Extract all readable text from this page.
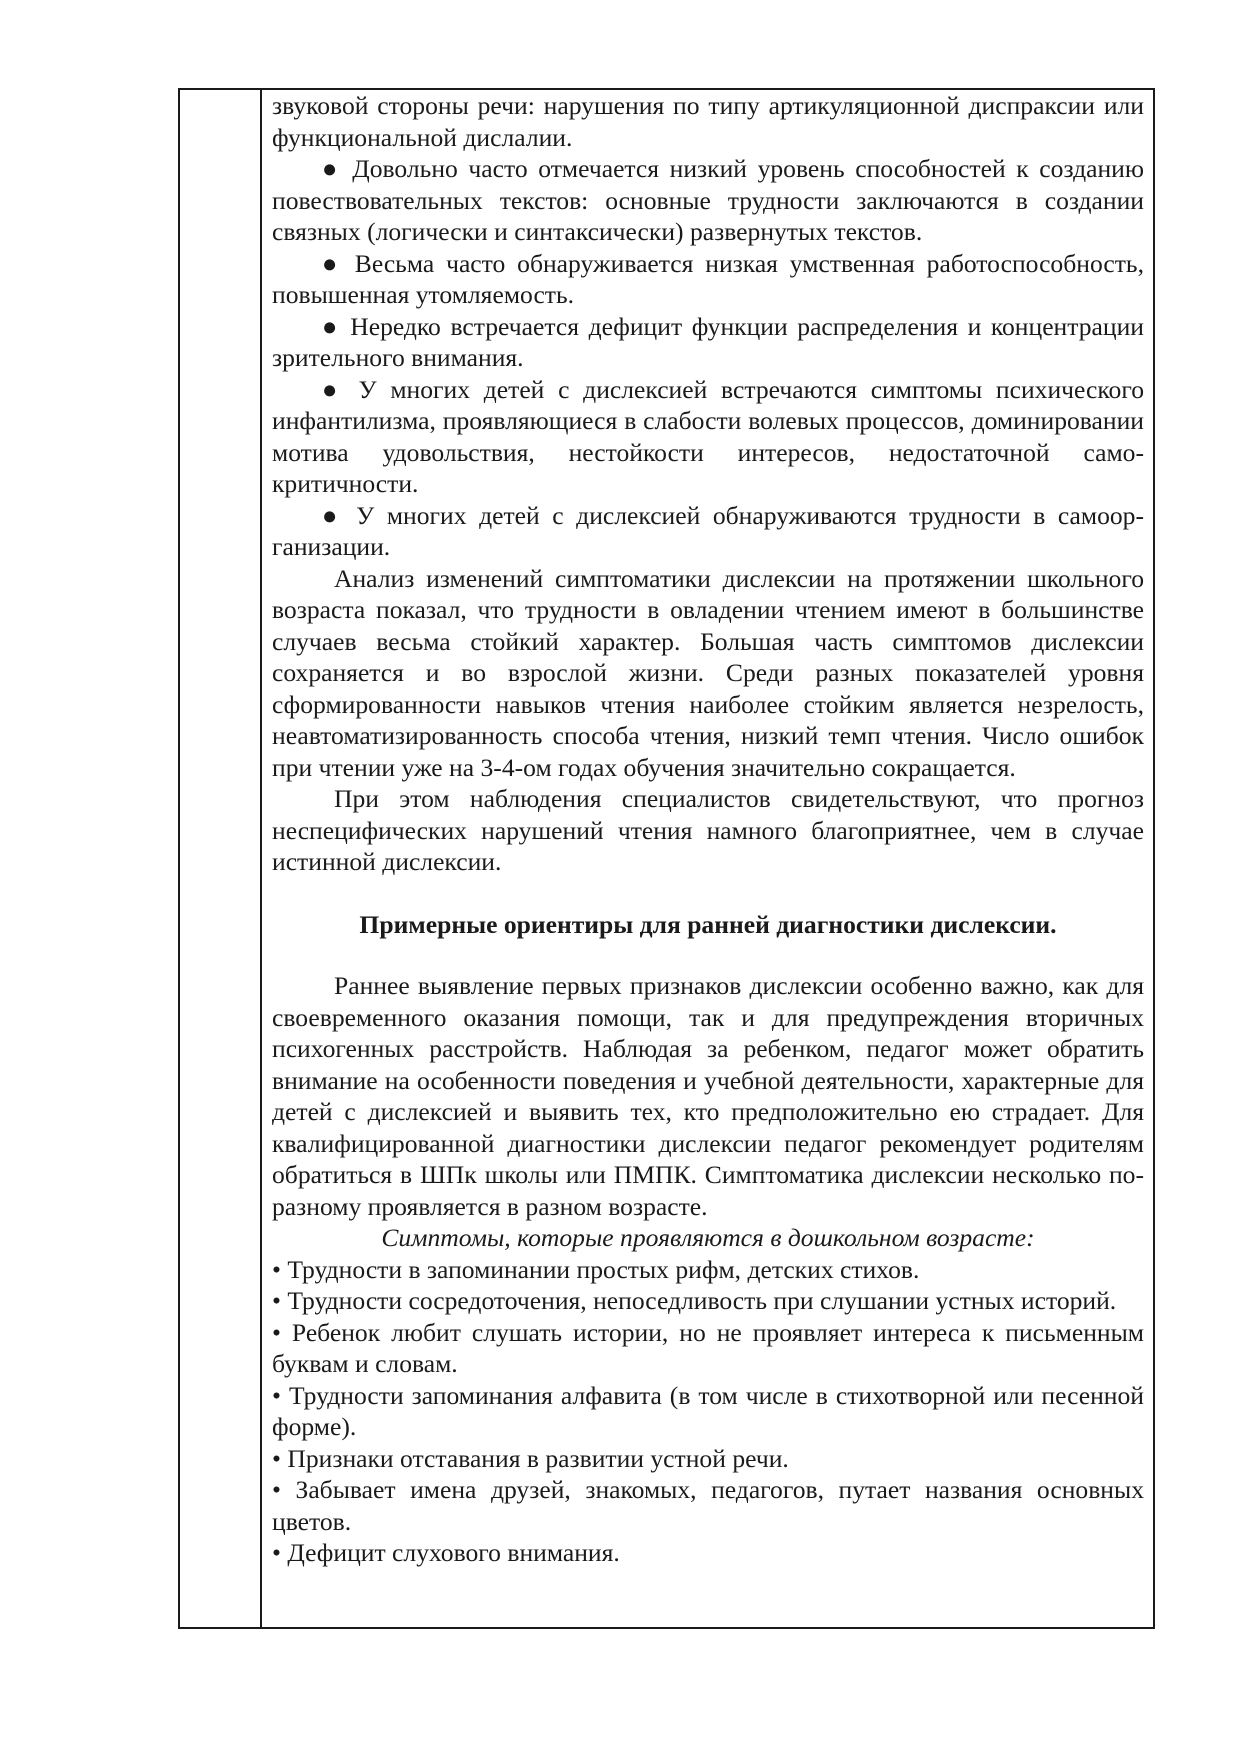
звуковой стороны речи: нарушения по типу артикуляционной диспраксии или функциональной дислалии.

● Довольно часто отмечается низкий уровень способностей к созданию повествовательных текстов: основные трудности заключаются в создании связных (логически и синтаксически) развернутых текстов.

● Весьма часто обнаруживается низкая умственная работоспособность, повышенная утомляемость.

● Нередко встречается дефицит функции распределения и концентрации зрительного внимания.

● У многих детей с дислексией встречаются симптомы психического инфантилизма, проявляющиеся в слабости волевых процессов, доминировании мотива удовольствия, нестойкости интересов, недостаточной самокритичности.

● У многих детей с дислексией обнаруживаются трудности в самоорганизации.

Анализ изменений симптоматики дислексии на протяжении школьного возраста показал, что трудности в овладении чтением имеют в большинстве случаев весьма стойкий характер. Большая часть симптомов дислексии сохраняется и во взрослой жизни. Среди разных показателей уровня сформированности навыков чтения наиболее стойким является незрелость, неавтоматизированность способа чтения, низкий темп чтения. Число ошибок при чтении уже на 3-4-ом годах обучения значительно сокращается.

При этом наблюдения специалистов свидетельствуют, что прогноз неспецифических нарушений чтения намного благоприятнее, чем в случае истинной дислексии.

Примерные ориентиры для ранней диагностики дислексии.

Раннее выявление первых признаков дислексии особенно важно, как для своевременного оказания помощи, так и для предупреждения вторичных психогенных расстройств. Наблюдая за ребенком, педагог может обратить внимание на особенности поведения и учебной деятельности, характерные для детей с дислексией и выявить тех, кто предположительно ею страдает. Для квалифицированной диагностики дислексии педагог рекомендует родителям обратиться в ШПк школы или ПМПК. Симптоматика дислексии несколько по-разному проявляется в разном возрасте.

Симптомы, которые проявляются в дошкольном возрасте:

• Трудности в запоминании простых рифм, детских стихов.

• Трудности сосредоточения, непоседливость при слушании устных историй.

• Ребенок любит слушать истории, но не проявляет интереса к письменным буквам и словам.

• Трудности запоминания алфавита (в том числе в стихотворной или песенной форме).

• Признаки отставания в развитии устной речи.

• Забывает имена друзей, знакомых, педагогов, путает названия основных цветов.

• Дефицит слухового внимания.
